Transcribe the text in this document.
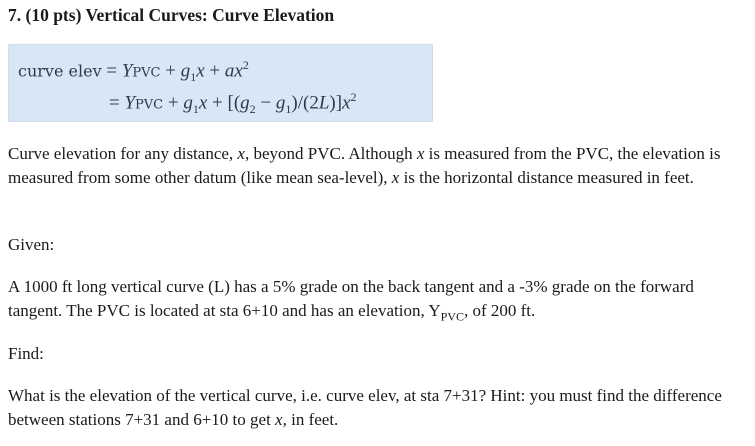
7. (10 pts) Vertical Curves: Curve Elevation
curve elev = YPVC + $g_1x + ax^2$
= YPVC + $g_1x + [(g_2 - g_1)/(2L)]x^2$
Curve elevation for any distance, x, beyond PVC. Although x is measured from the PVC, the elevation is measured from some other datum (like mean sea-level), x is the horizontal distance measured in feet.
Given:
A 1000 ft long vertical curve (L) has a 5% grade on the back tangent and a -3% grade on the forward tangent. The PVC is located at sta 6+10 and has an elevation, $Y_{PVC}$, of 200 ft.
Find:
What is the elevation of the vertical curve, i.e. curve elev, at sta 7+31? Hint: you must find the difference between stations 7+31 and 6+10 to get x, in feet.
